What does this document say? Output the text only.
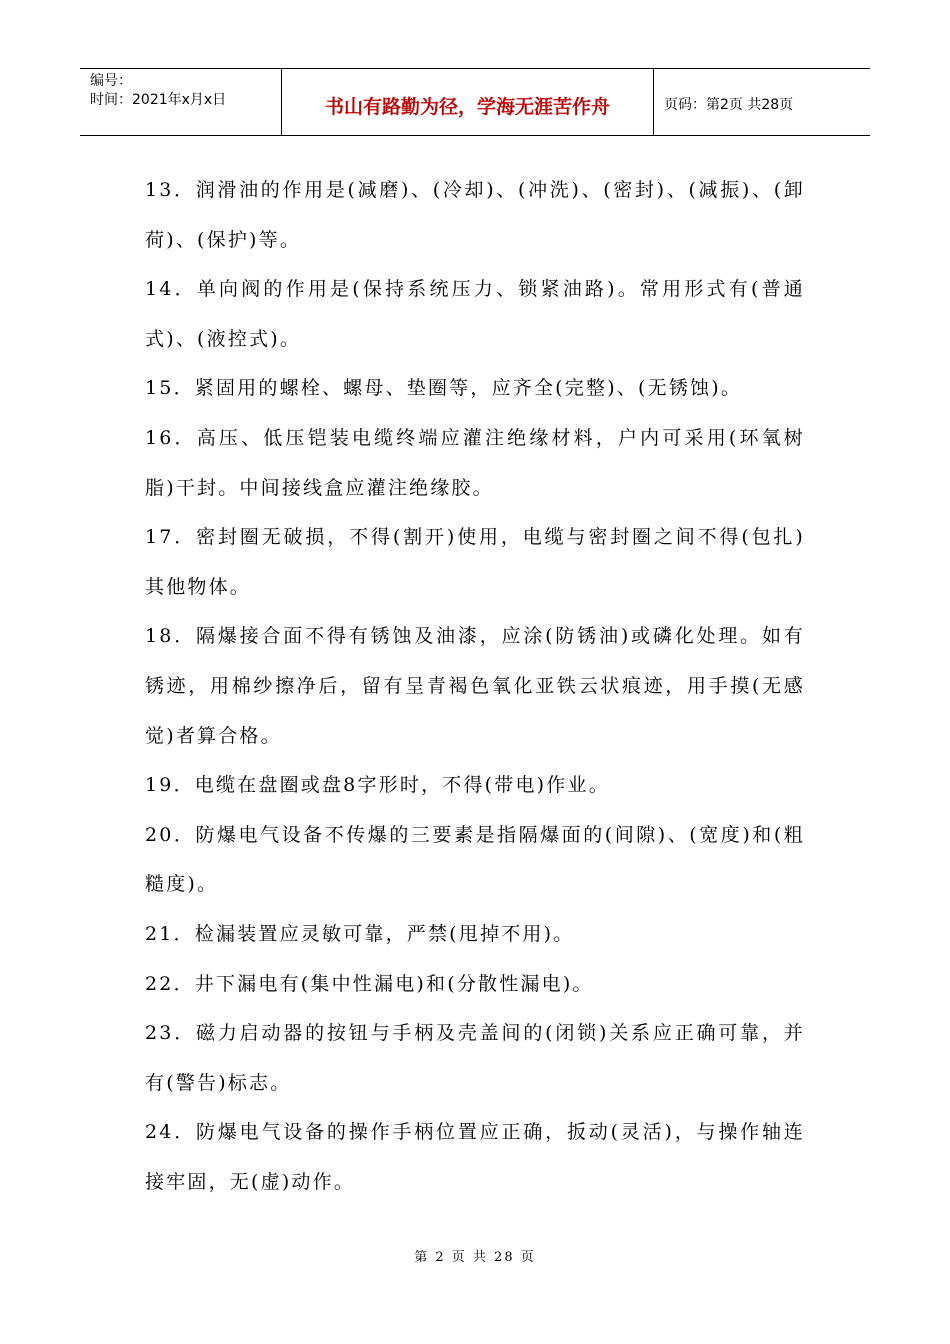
编号：
时间：2021年x月x日	书山有路勤为径，学海无涯苦作舟	页码：第2页 共28页

13．润滑油的作用是(减磨)、(冷却)、(冲洗)、(密封)、(减振)、(卸荷)、(保护)等。

14．单向阀的作用是(保持系统压力、锁紧油路)。常用形式有(普通式)、(液控式)。

15．紧固用的螺栓、螺母、垫圈等，应齐全(完整)、(无锈蚀)。

16．高压、低压铠装电缆终端应灌注绝缘材料，户内可采用(环氧树脂)干封。中间接线盒应灌注绝缘胶。

17．密封圈无破损，不得(割开)使用，电缆与密封圈之间不得(包扎)其他物体。

18．隔爆接合面不得有锈蚀及油漆，应涂(防锈油)或磷化处理。如有锈迹，用棉纱擦净后，留有呈青褐色氧化亚铁云状痕迹，用手摸(无感觉)者算合格。

19．电缆在盘圈或盘8字形时，不得(带电)作业。

20．防爆电气设备不传爆的三要素是指隔爆面的(间隙)、(宽度)和(粗糙度)。

21．检漏装置应灵敏可靠，严禁(甩掉不用)。

22．井下漏电有(集中性漏电)和(分散性漏电)。

23．磁力启动器的按钮与手柄及壳盖间的(闭锁)关系应正确可靠，并有(警告)标志。

24．防爆电气设备的操作手柄位置应正确，扳动(灵活)，与操作轴连接牢固，无(虚)动作。

第 2 页 共 28 页
